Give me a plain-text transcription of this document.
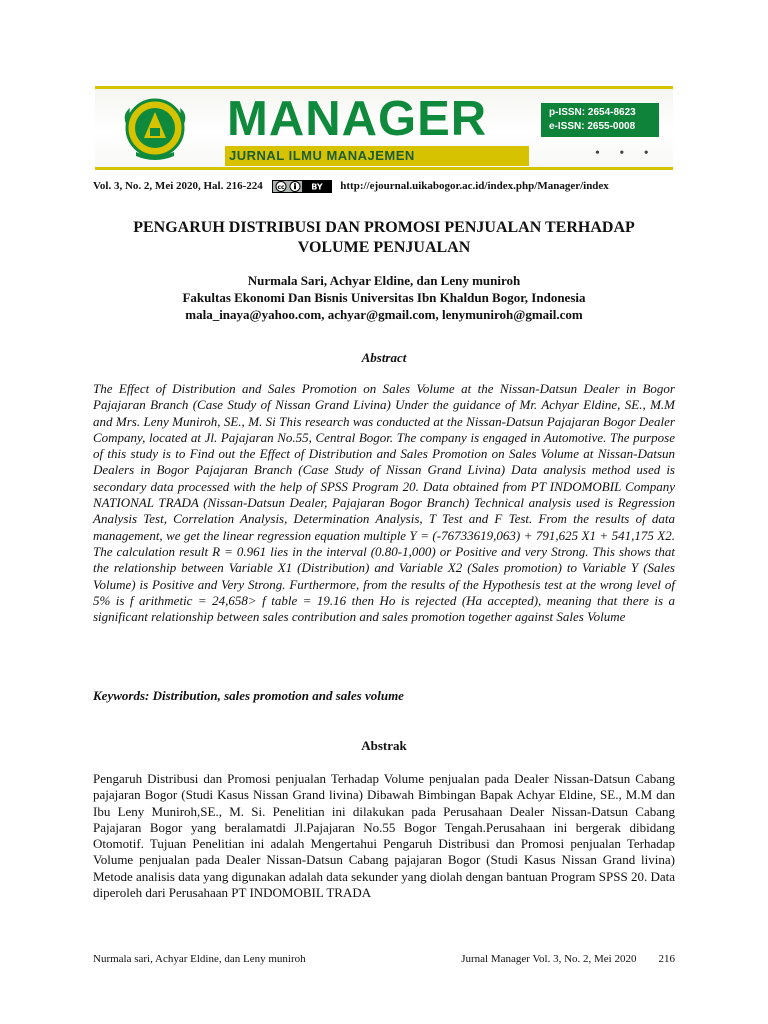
MANAGER
JURNAL ILMU MANAJEMEN
p-ISSN: 2654-8623
e-ISSN: 2655-0008
• • •
Vol. 3, No. 2, Mei 2020, Hal. 216-224 cc	BY http://ejournal.uikabogor.ac.id/index.php/Manager/index
PENGARUH DISTRIBUSI DAN PROMOSI PENJUALAN TERHADAP
VOLUME PENJUALAN
Nurmala Sari, Achyar Eldine, dan Leny muniroh
Fakultas Ekonomi Dan Bisnis Universitas Ibn Khaldun Bogor, Indonesia
mala_inaya@yahoo.com, achyar@gmail.com, lenymuniroh@gmail.com
Abstract

The Effect of Distribution and Sales Promotion on Sales Volume at the Nissan-Datsun Dealer in Bogor Pajajaran Branch (Case Study of Nissan Grand Livina) Under the guidance of Mr. Achyar Eldine, SE., M.M and Mrs. Leny Muniroh, SE., M. Si This research was conducted at the Nissan-Datsun Pajajaran Bogor Dealer Company, located at Jl. Pajajaran No.55, Central Bogor. The company is engaged in Automotive. The purpose of this study is to Find out the Effect of Distribution and Sales Promotion on Sales Volume at Nissan-Datsun Dealers in Bogor Pajajaran Branch (Case Study of Nissan Grand Livina) Data analysis method used is secondary data processed with the help of SPSS Program 20. Data obtained from PT INDOMOBIL Company NATIONAL TRADA (Nissan-Datsun Dealer, Pajajaran Bogor Branch) Technical analysis used is Regression Analysis Test, Correlation Analysis, Determination Analysis, T Test and F Test. From the results of data management, we get the linear regression equation multiple Y = (-76733619,063) + 791,625 X1 + 541,175 X2. The calculation result R = 0.961 lies in the interval (0.80-1,000) or Positive and very Strong. This shows that the relationship between Variable X1 (Distribution) and Variable X2 (Sales promotion) to Variable Y (Sales Volume) is Positive and Very Strong. Furthermore, from the results of the Hypothesis test at the wrong level of 5% is f arithmetic = 24,658> f table = 19.16 then Ho is rejected (Ha accepted), meaning that there is a significant relationship between sales contribution and sales promotion together against Sales Volume

Keywords: Distribution, sales promotion and sales volume
Abstrak

Pengaruh Distribusi dan Promosi penjualan Terhadap Volume penjualan pada Dealer Nissan-Datsun Cabang pajajaran Bogor (Studi Kasus Nissan Grand livina) Dibawah Bimbingan Bapak Achyar Eldine, SE., M.M dan Ibu Leny Muniroh,SE., M. Si. Penelitian ini dilakukan pada Perusahaan Dealer Nissan-Datsun Cabang Pajajaran Bogor yang beralamatdi Jl.Pajajaran No.55 Bogor Tengah.Perusahaan ini bergerak dibidang Otomotif. Tujuan Penelitian ini adalah Mengertahui Pengaruh Distribusi dan Promosi penjualan Terhadap Volume penjualan pada Dealer Nissan-Datsun Cabang pajajaran Bogor (Studi Kasus Nissan Grand livina) Metode analisis data yang digunakan adalah data sekunder yang diolah dengan bantuan Program SPSS 20. Data diperoleh dari Perusahaan PT INDOMOBIL TRADA

Nurmala sari, Achyar Eldine, dan Leny muniroh	Jurnal Manager Vol. 3, No. 2, Mei 2020 216
